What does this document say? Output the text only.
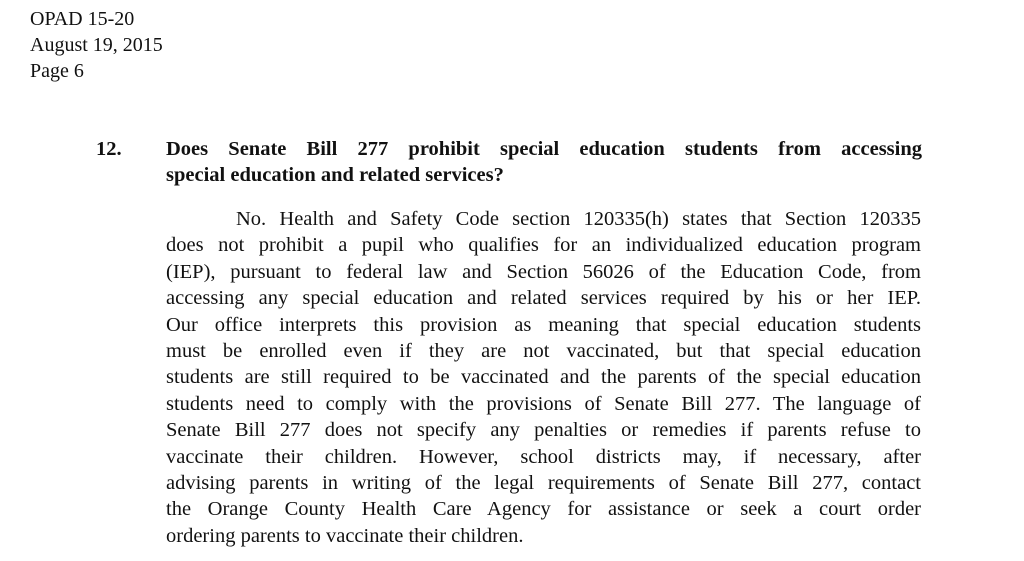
OPAD 15-20
August 19, 2015
Page 6
12. Does Senate Bill 277 prohibit special education students from accessing
special education and related services?
No. Health and Safety Code section 120335(h) states that Section 120335
does not prohibit a pupil who qualifies for an individualized education program
(IEP), pursuant to federal law and Section 56026 of the Education Code, from
accessing any special education and related services required by his or her IEP.
Our office interprets this provision as meaning that special education students
must be enrolled even if they are not vaccinated, but that special education
students are still required to be vaccinated and the parents of the special education
students need to comply with the provisions of Senate Bill 277. The language of
Senate Bill 277 does not specify any penalties or remedies if parents refuse to
vaccinate their children. However, school districts may, if necessary, after
advising parents in writing of the legal requirements of Senate Bill 277, contact
the Orange County Health Care Agency for assistance or seek a court order
ordering parents to vaccinate their children.
